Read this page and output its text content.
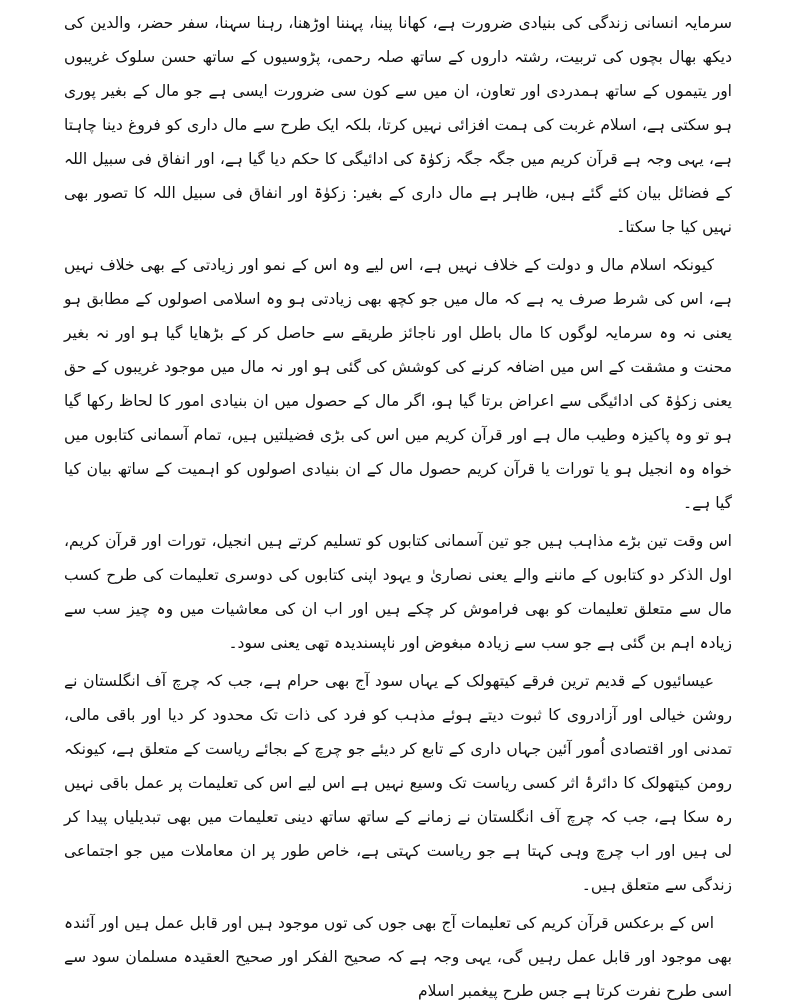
سرمایہ انسانی زندگی کی بنیادی ضرورت ہے، کھانا پینا، پہننا اوڑھنا، رہنا سہنا، سفر حضر، والدین کی دیکھ بھال بچوں کی تربیت، رشتہ داروں کے ساتھ صلہ رحمی، پڑوسیوں کے ساتھ حسن سلوک غریبوں اور یتیموں کے ساتھ ہمدردی اور تعاون، ان میں سے کون سی ضرورت ایسی ہے جو مال کے بغیر پوری ہو سکتی ہے، اسلام غربت کی ہمت افزائی نہیں کرتا، بلکہ ایک طرح سے مال داری کو فروغ دینا چاہتا ہے، یہی وجہ ہے قرآن کریم میں جگہ جگہ زکوٰۃ کی ادائیگی کا حکم دیا گیا ہے، اور انفاق فی سبیل اللہ کے فضائل بیان کئے گئے ہیں، ظاہر ہے مال داری کے بغیر: زکوٰۃ اور انفاق فی سبیل اللہ کا تصور بھی نہیں کیا جا سکتا۔

کیونکہ اسلام مال و دولت کے خلاف نہیں ہے، اس لیے وہ اس کے نمو اور زیادتی کے بھی خلاف نہیں ہے، اس کی شرط صرف یہ ہے کہ مال میں جو کچھ بھی زیادتی ہو وہ اسلامی اصولوں کے مطابق ہو یعنی نہ وہ سرمایہ لوگوں کا مال باطل اور ناجائز طریقے سے حاصل کر کے بڑھایا گیا ہو اور نہ بغیر محنت و مشقت کے اس میں اضافہ کرنے کی کوشش کی گئی ہو اور نہ مال میں موجود غریبوں کے حق یعنی زکوٰۃ کی ادائیگی سے اعراض برتا گیا ہو، اگر مال کے حصول میں ان بنیادی امور کا لحاظ رکھا گیا ہو تو وہ پاکیزہ وطیب مال ہے اور قرآن کریم میں اس کی بڑی فضیلتیں ہیں، تمام آسمانی کتابوں میں خواہ وہ انجیل ہو یا تورات یا قرآن کریم حصول مال کے ان بنیادی اصولوں کو اہمیت کے ساتھ بیان کیا گیا ہے۔

اس وقت تین بڑے مذاہب ہیں جو تین آسمانی کتابوں کو تسلیم کرتے ہیں انجیل، تورات اور قرآن کریم، اول الذکر دو کتابوں کے ماننے والے یعنی نصاریٰ و یہود اپنی کتابوں کی دوسری تعلیمات کی طرح کسب مال سے متعلق تعلیمات کو بھی فراموش کر چکے ہیں اور اب ان کی معاشیات میں وہ چیز سب سے زیادہ اہم بن گئی ہے جو سب سے زیادہ مبغوض اور ناپسندیدہ تھی یعنی سود۔

عیسائیوں کے قدیم ترین فرقے کیتھولک کے یہاں سود آج بھی حرام ہے، جب کہ چرچ آف انگلستان نے روشن خیالی اور آزادروی کا ثبوت دیتے ہوئے مذہب کو فرد کی ذات تک محدود کر دیا اور باقی مالی، تمدنی اور اقتصادی اُمور آئین جہاں داری کے تابع کر دیئے جو چرچ کے بجائے ریاست کے متعلق ہے، کیونکہ رومن کیتھولک کا دائرۂ اثر کسی ریاست تک وسیع نہیں ہے اس لیے اس کی تعلیمات پر عمل باقی نہیں رہ سکا ہے، جب کہ چرچ آف انگلستان نے زمانے کے ساتھ ساتھ دینی تعلیمات میں بھی تبدیلیاں پیدا کر لی ہیں اور اب چرچ وہی کہتا ہے جو ریاست کہتی ہے، خاص طور پر ان معاملات میں جو اجتماعی زندگی سے متعلق ہیں۔

اس کے برعکس قرآن کریم کی تعلیمات آج بھی جوں کی توں موجود ہیں اور قابل عمل ہیں اور آئندہ بھی موجود اور قابل عمل رہیں گی، یہی وجہ ہے کہ صحیح الفکر اور صحیح العقیدہ مسلمان سود سے اسی طرح نفرت کرتا ہے جس طرح پیغمبر اسلام
